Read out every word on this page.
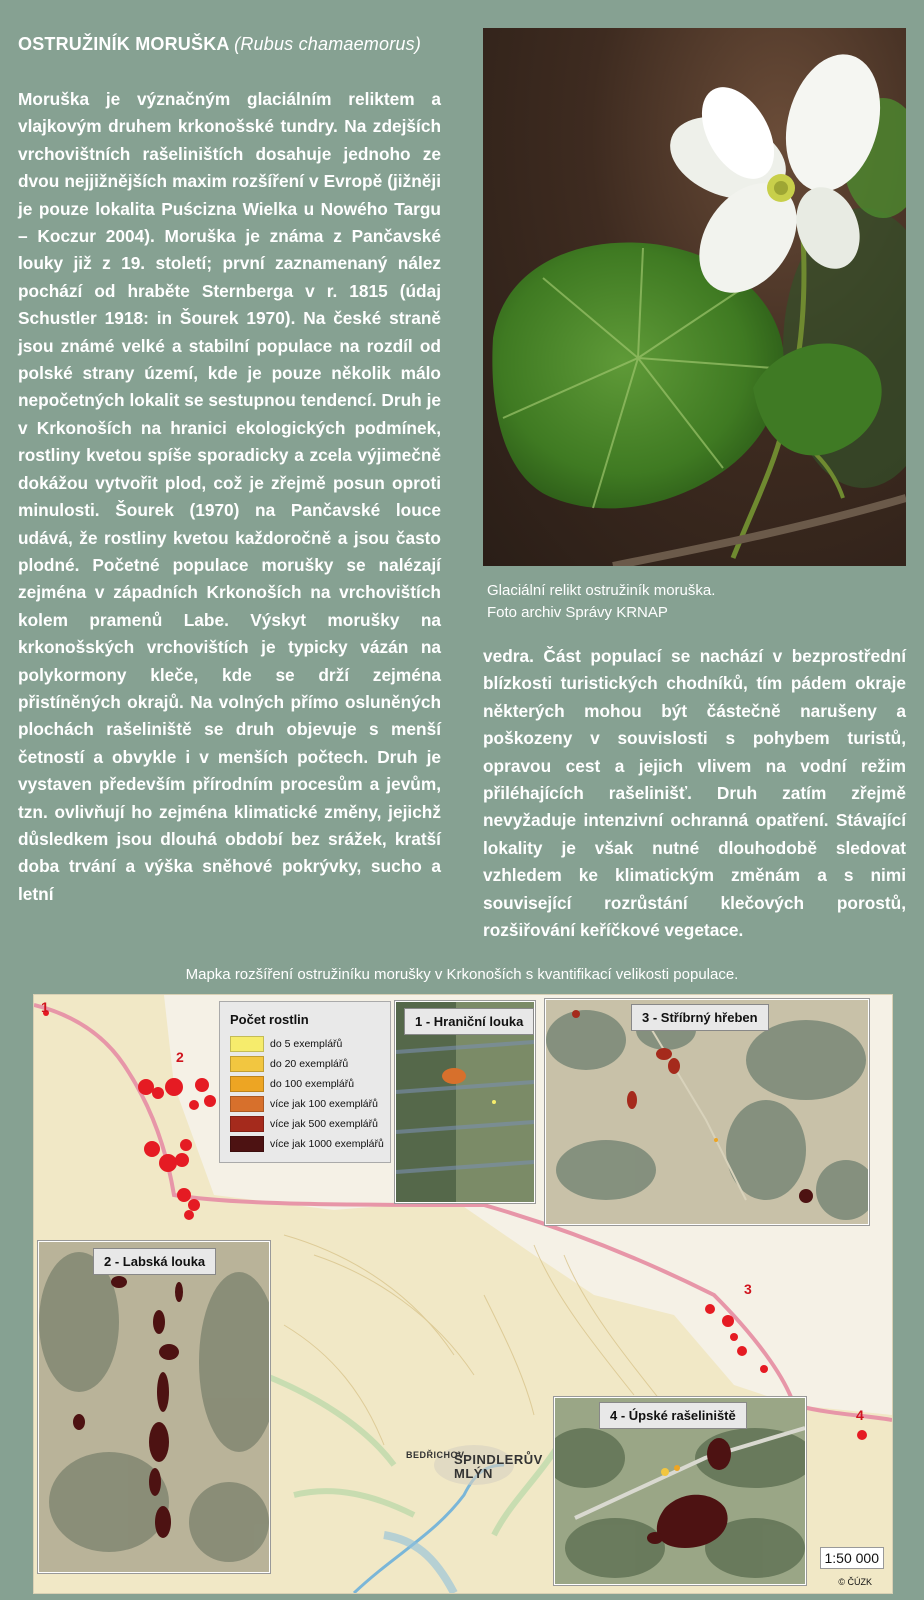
OSTRUŽINÍK MORUŠKA (Rubus chamaemorus)

Moruška je význačným glaciálním reliktem a vlajkovým druhem krkonošské tundry. Na zdejších vrchovištních rašeliništích dosahuje jednoho ze dvou nejjižnějších maxim rozšíření v Evropě (jižněji je pouze lokalita Puścizna Wielka u Nowého Targu – Koczur 2004). Moruška je známa z Pančavské louky již z 19. století; první zaznamenaný nález pochází od hraběte Sternberga v r. 1815 (údaj Schustler 1918: in Šourek 1970). Na české straně jsou známé velké a stabilní populace na rozdíl od polské strany území, kde je pouze několik málo nepočetných lokalit se sestupnou tendencí. Druh je v Krkonoších na hranici ekologických podmínek, rostliny kvetou spíše sporadicky a zcela výjimečně dokážou vytvořit plod, což je zřejmě posun oproti minulosti. Šourek (1970) na Pančavské louce udává, že rostliny kvetou každoročně a jsou často plodné. Početné populace morušky se nalézají zejména v západních Krkonoších na vrchovištích kolem pramenů Labe. Výskyt morušky na krkonošských vrchovištích je typicky vázán na polykormony kleče, kde se drží zejména přistíněných okrajů. Na volných přímo osluněných plochách rašeliniště se druh objevuje s menší četností a obvykle i v menších počtech. Druh je vystaven především přírodním procesům a jevům, tzn. ovlivňují ho zejména klimatické změny, jejichž důsledkem jsou dlouhá období bez srážek, kratší doba trvání a výška sněhové pokrývky, sucho a letní

Glaciální relikt ostružiník moruška.
Foto archiv Správy KRNAP

vedra. Část populací se nachází v bezprostřední blízkosti turistických chodníků, tím pádem okraje některých mohou být částečně narušeny a poškozeny v souvislosti s pohybem turistů, opravou cest a jejich vlivem na vodní režim přiléhajících rašelinišť. Druh zatím zřejmě nevyžaduje intenzivní ochranná opatření. Stávající lokality je však nutné dlouhodobě sledovat vzhledem ke klimatickým změnám a s nimi související rozrůstání klečových porostů, rozšiřování keříčkové vegetace.

Mapka rozšíření ostružiníku morušky v Krkonoších s kvantifikací velikosti populace.
1
2
3
4
ŠPINDLERŮV MLÝN
BEDŘICHOV
Počet rostlin
do 5 exemplářů
do 20 exemplářů
do 100 exemplářů
více jak 100 exemplářů
více jak 500 exemplářů
více jak 1000 exemplářů
1 - Hraniční louka	3 - Stříbrný hřeben
2 - Labská louka
4 - Úpské rašeliniště
1:50 000
© ČÚZK
